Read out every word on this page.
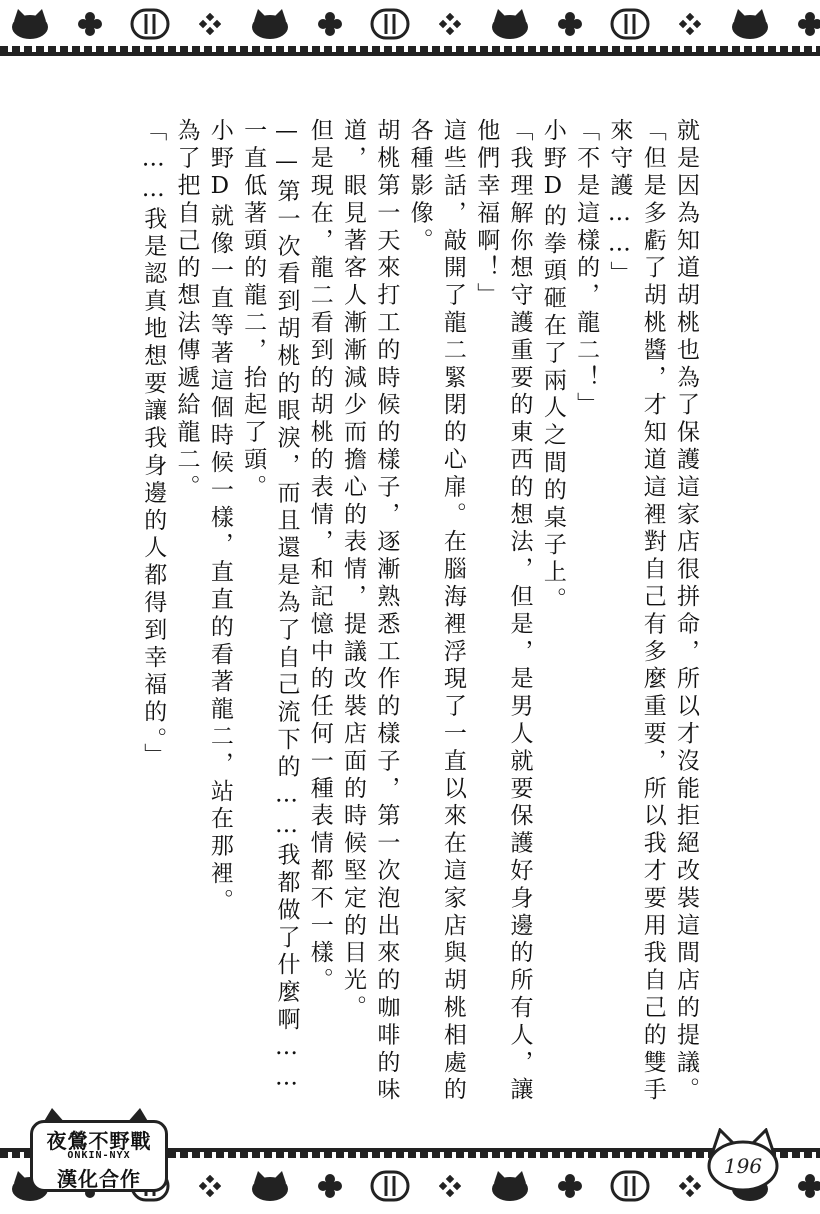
就是因為知道胡桃也為了保護這家店很拼命，所以才沒能拒絕改裝這間店的提議。
「但是多虧了胡桃醬，才知道這裡對自己有多麼重要，所以我才要用我自己的雙手
來守護……」
「不是這樣的，龍二！」
小野D的拳頭砸在了兩人之間的桌子上。
「我理解你想守護重要的東西的想法，但是，是男人就要保護好身邊的所有人，讓
他們幸福啊！」
這些話，敲開了龍二緊閉的心扉。在腦海裡浮現了一直以來在這家店與胡桃相處的
各種影像。
胡桃第一天來打工的時候的樣子，逐漸熟悉工作的樣子，第一次泡出來的咖啡的味
道，眼見著客人漸漸減少而擔心的表情，提議改裝店面的時候堅定的目光。
但是現在，龍二看到的胡桃的表情，和記憶中的任何一種表情都不一樣。
——第一次看到胡桃的眼淚，而且還是為了自己流下的……我都做了什麼啊……
一直低著頭的龍二，抬起了頭。
小野D就像一直等著這個時候一樣，直直的看著龍二，站在那裡。
為了把自己的想法傳遞給龍二。
「……我是認真地想要讓我身邊的人都得到幸福的。」
夜鶯不野戰
ONKIN-NYX
漢化合作
196
